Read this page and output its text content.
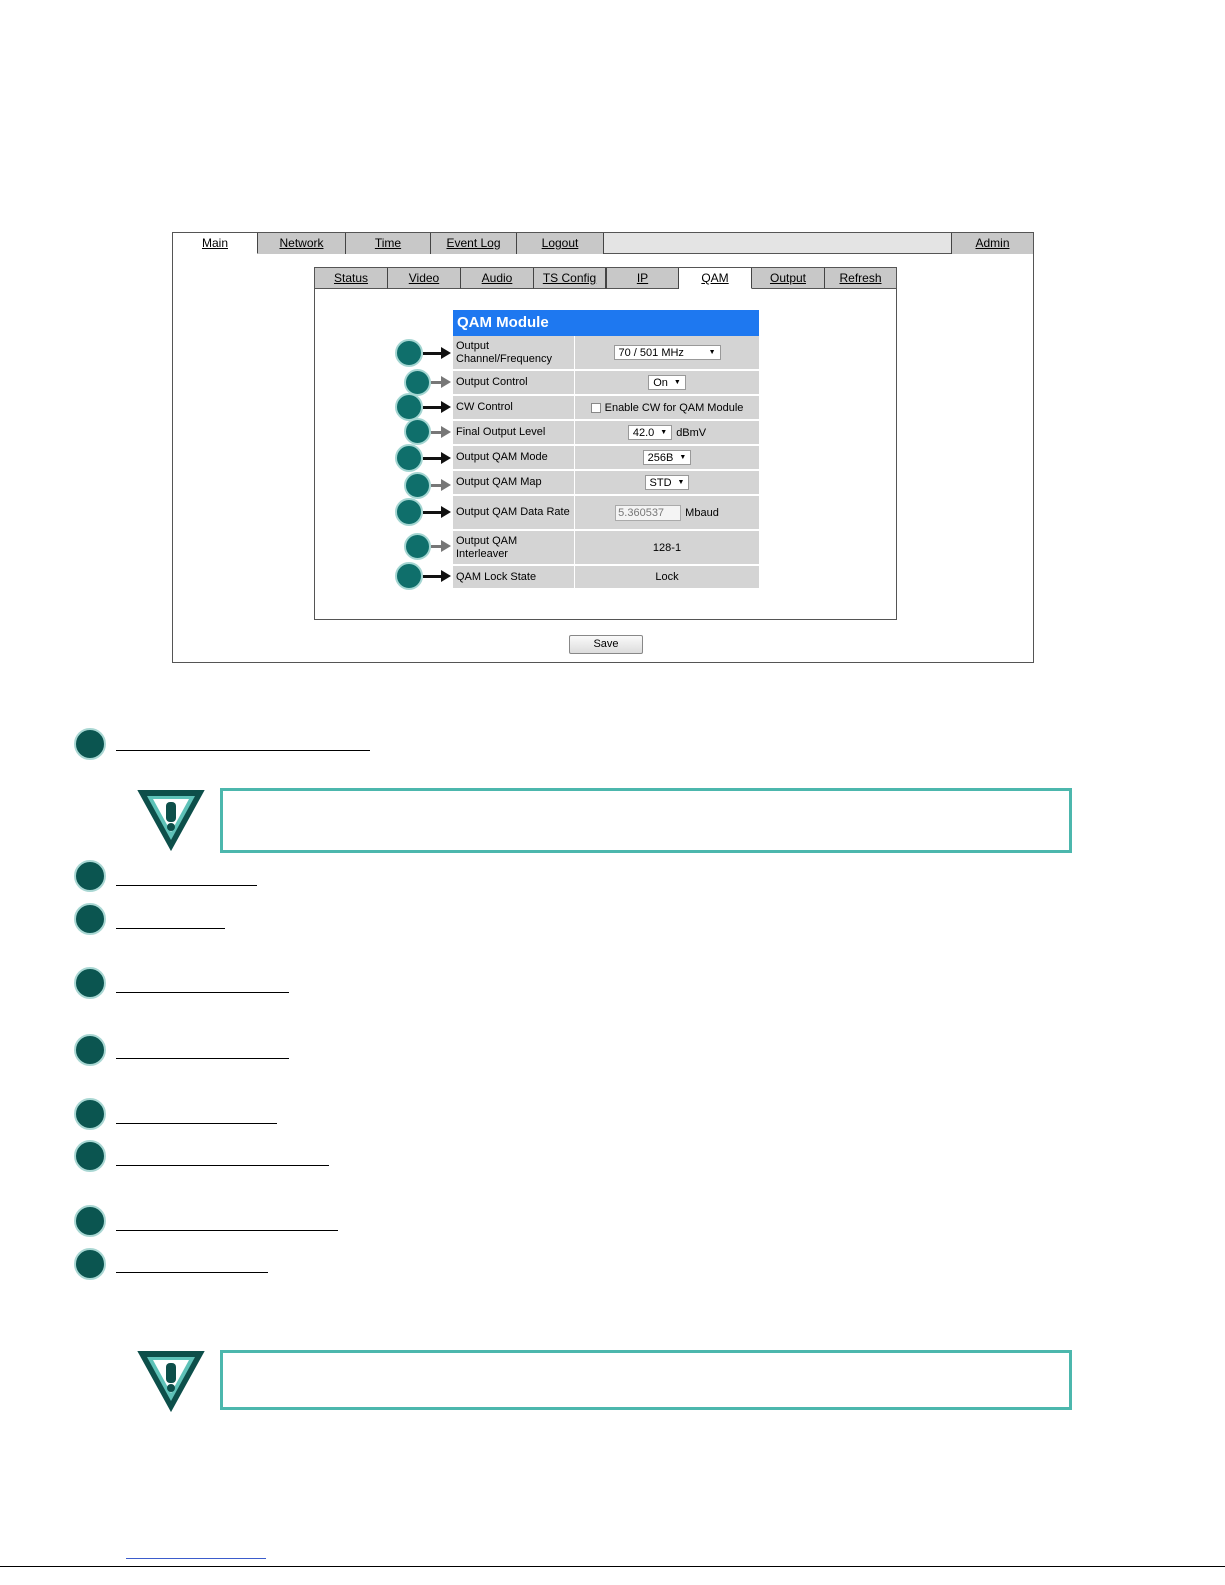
Main	Network	Time	Event Log	Logout	Admin
Status	Video	Audio	TS Config	IP	QAM	Output	Refresh
QAM Module
Output Channel/Frequency	70 / 501 MHz	▼
Output Control	On ▼
CW Control	Enable CW for QAM Module
Final Output Level	42.0 ▼ dBmV
Output QAM Mode	256B ▼
Output QAM Map	STD ▼
Output QAM Data Rate	5.360537	Mbaud
Output QAM Interleaver	128-1
QAM Lock State	Lock
Save
